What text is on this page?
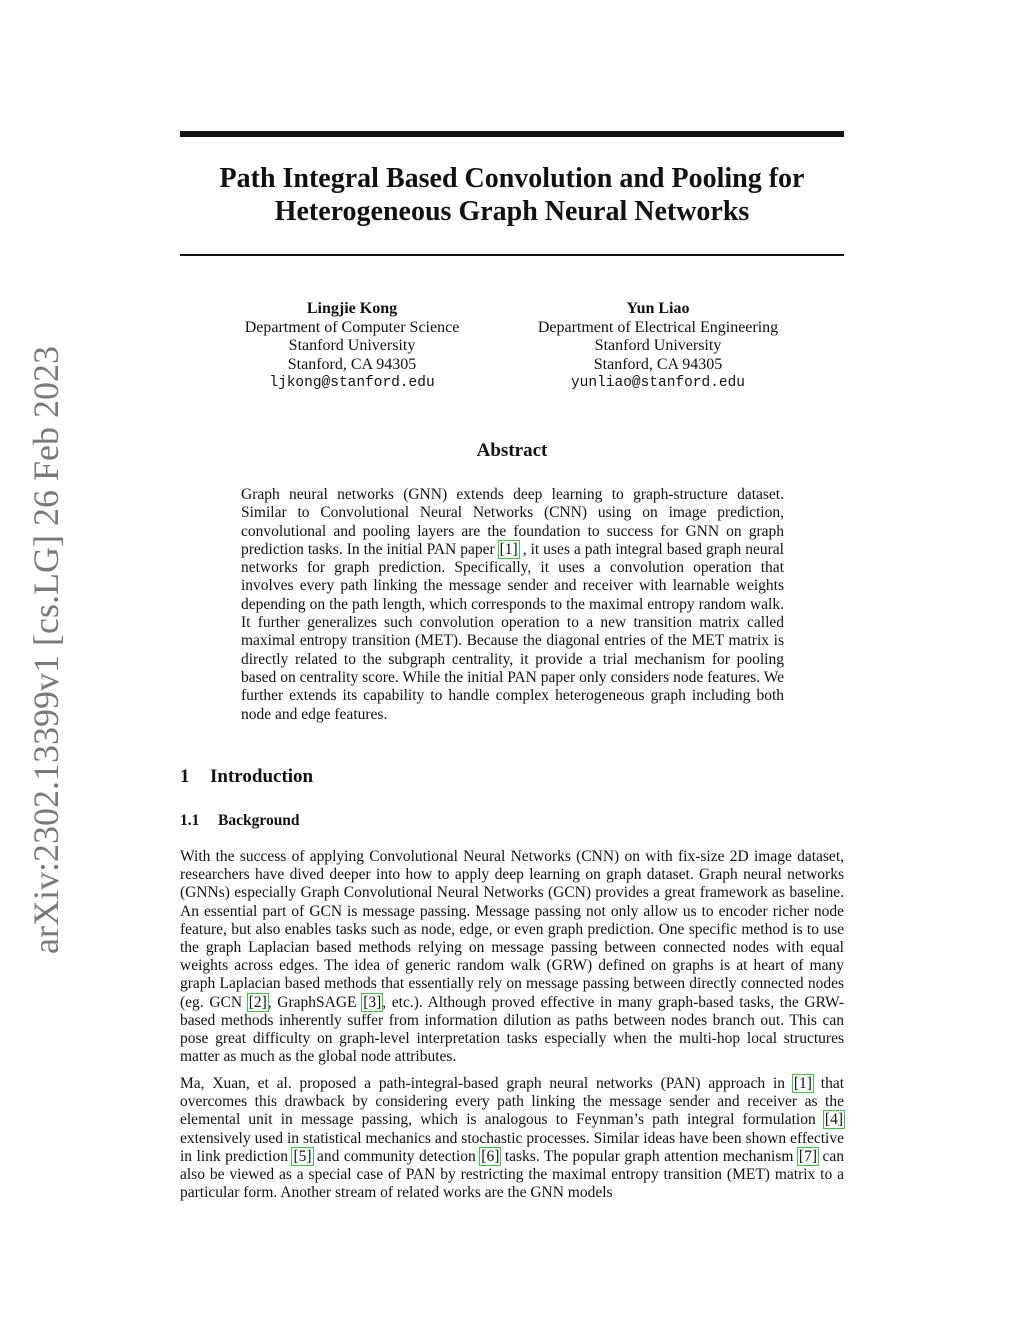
arXiv:2302.13399v1 [cs.LG] 26 Feb 2023
Path Integral Based Convolution and Pooling for Heterogeneous Graph Neural Networks
Lingjie Kong
Department of Computer Science
Stanford University
Stanford, CA 94305
ljkong@stanford.edu
Yun Liao
Department of Electrical Engineering
Stanford University
Stanford, CA 94305
yunliao@stanford.edu
Abstract

Graph neural networks (GNN) extends deep learning to graph-structure dataset. Similar to Convolutional Neural Networks (CNN) using on image prediction, convolutional and pooling layers are the foundation to success for GNN on graph prediction tasks. In the initial PAN paper [1] , it uses a path integral based graph neural networks for graph prediction. Specifically, it uses a convolution operation that involves every path linking the message sender and receiver with learnable weights depending on the path length, which corresponds to the maximal entropy random walk. It further generalizes such convolution operation to a new transition matrix called maximal entropy transition (MET). Because the diagonal entries of the MET matrix is directly related to the subgraph centrality, it provide a trial mechanism for pooling based on centrality score. While the initial PAN paper only considers node features. We further extends its capability to handle complex heterogeneous graph including both node and edge features.

1 Introduction
1.1 Background

With the success of applying Convolutional Neural Networks (CNN) on with fix-size 2D image dataset, researchers have dived deeper into how to apply deep learning on graph dataset. Graph neural networks (GNNs) especially Graph Convolutional Neural Networks (GCN) provides a great framework as baseline. An essential part of GCN is message passing. Message passing not only allow us to encoder richer node feature, but also enables tasks such as node, edge, or even graph prediction. One specific method is to use the graph Laplacian based methods relying on message passing between connected nodes with equal weights across edges. The idea of generic random walk (GRW) defined on graphs is at heart of many graph Laplacian based methods that essentially rely on message passing between directly connected nodes (eg. GCN [2], GraphSAGE [3], etc.). Although proved effective in many graph-based tasks, the GRW-based methods inherently suffer from information dilution as paths between nodes branch out. This can pose great difficulty on graph-level interpretation tasks especially when the multi-hop local structures matter as much as the global node attributes.

Ma, Xuan, et al. proposed a path-integral-based graph neural networks (PAN) approach in [1] that overcomes this drawback by considering every path linking the message sender and receiver as the elemental unit in message passing, which is analogous to Feynman’s path integral formulation [4] extensively used in statistical mechanics and stochastic processes. Similar ideas have been shown effective in link prediction [5] and community detection [6] tasks. The popular graph attention mechanism [7] can also be viewed as a special case of PAN by restricting the maximal entropy transition (MET) matrix to a particular form. Another stream of related works are the GNN models
